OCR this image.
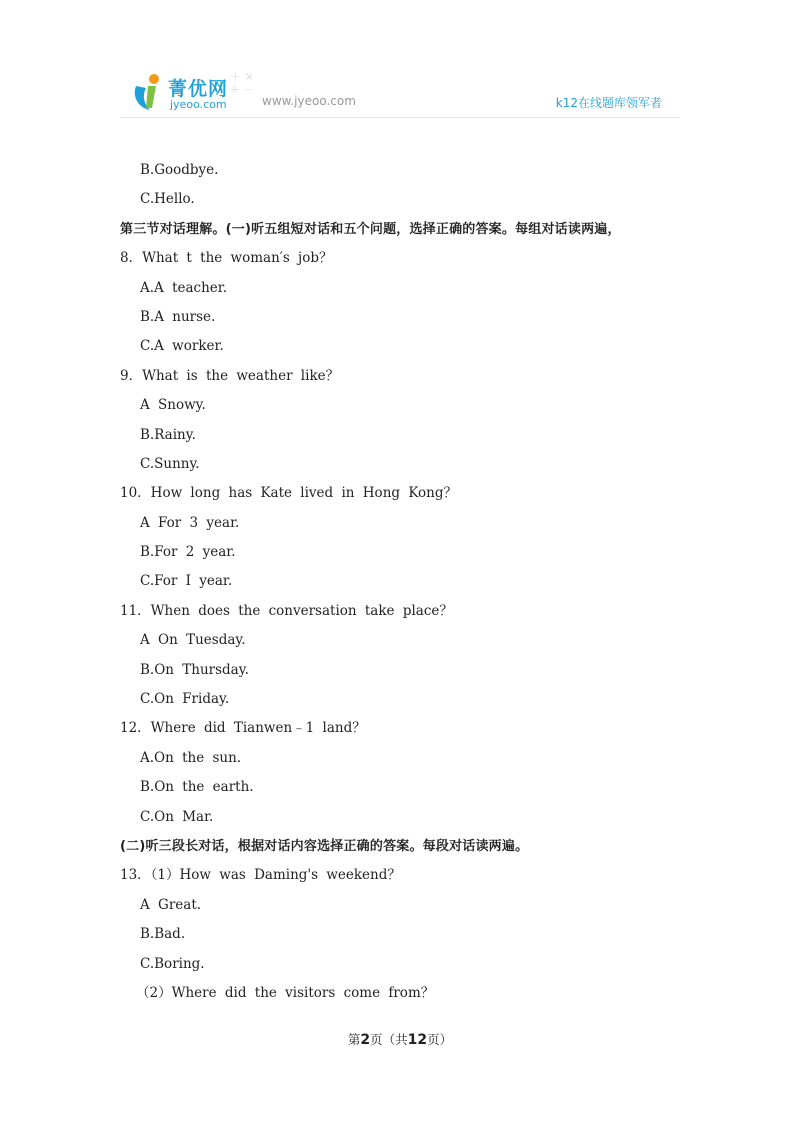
菁优网
jyeoo.com
＋ ×
÷ －
www.jyeoo.com	k12在线题库领军者
B.Goodbye.
C.Hello.
第三节对话理解。(一)听五组短对话和五个问题，选择正确的答案。每组对话读两遍，
8．What t the woman′s job？
A.A teacher.
B.A nurse.
C.A worker.
9．What is the weather like？
A Snowy.
B.Rainy.
C.Sunny.
10．How long has Kate lived in Hong Kong？
A For 3 year.
B.For 2 year.
C.For I year.
11．When does the conversation take place？
A On Tuesday.
B.On Thursday.
C.On Friday.
12．Where did Tianwen﹣1 land？
A.On the sun.
B.On the earth.
C.On Mar.
(二)听三段长对话，根据对话内容选择正确的答案。每段对话读两遍。
13．（1）How was Daming's weekend？
A Great.
B.Bad.
C.Boring.
（2）Where did the visitors come from？
第2页（共12页）
